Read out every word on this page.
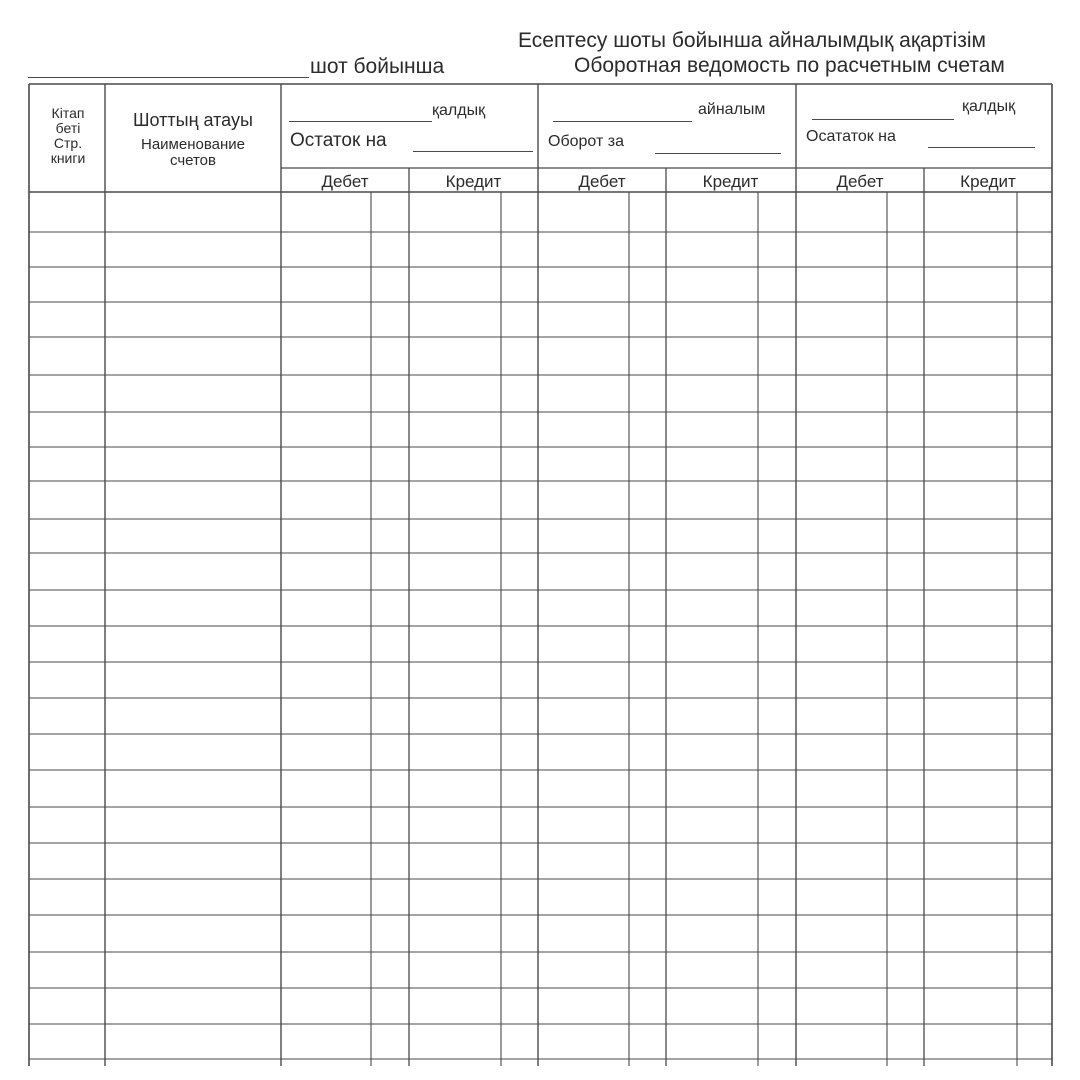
Есептесу шоты бойынша айналымдық ақартізім
Оборотная ведомость по расчетным счетам
шот бойынша
Кітап
беті
Стр.
книги
Шоттың атауы
Наименование
счетов
қалдық
Остаток на
Дебет	Кредит
айналым
Оборот за
Дебет	Кредит
қалдық
Осататок на
Дебет	Кредит
